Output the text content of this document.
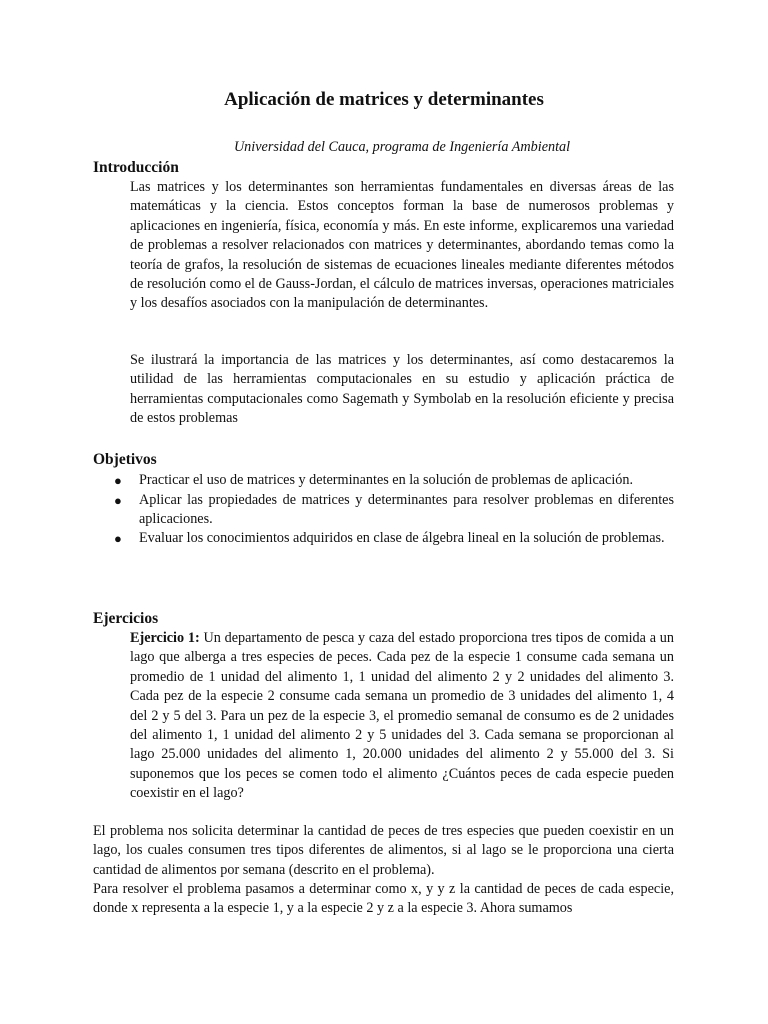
Aplicación de matrices y determinantes

Universidad del Cauca, programa de Ingeniería Ambiental

Introducción

Las matrices y los determinantes son herramientas fundamentales en diversas áreas de las matemáticas y la ciencia. Estos conceptos forman la base de numerosos problemas y aplicaciones en ingeniería, física, economía y más. En este informe, explicaremos una variedad de problemas a resolver relacionados con matrices y determinantes, abordando temas como la teoría de grafos, la resolución de sistemas de ecuaciones lineales mediante diferentes métodos de resolución como el de Gauss-Jordan, el cálculo de matrices inversas, operaciones matriciales y los desafíos asociados con la manipulación de determinantes.

Se ilustrará la importancia de las matrices y los determinantes, así como destacaremos la utilidad de las herramientas computacionales en su estudio y aplicación práctica de herramientas computacionales como Sagemath y Symbolab en la resolución eficiente y precisa de estos problemas

Objetivos
● Practicar el uso de matrices y determinantes en la solución de problemas de aplicación.
● Aplicar las propiedades de matrices y determinantes para resolver problemas en diferentes aplicaciones.
● Evaluar los conocimientos adquiridos en clase de álgebra lineal en la solución de problemas.
Ejercicios

Ejercicio 1: Un departamento de pesca y caza del estado proporciona tres tipos de comida a un lago que alberga a tres especies de peces. Cada pez de la especie 1 consume cada semana un promedio de 1 unidad del alimento 1, 1 unidad del alimento 2 y 2 unidades del alimento 3. Cada pez de la especie 2 consume cada semana un promedio de 3 unidades del alimento 1, 4 del 2 y 5 del 3. Para un pez de la especie 3, el promedio semanal de consumo es de 2 unidades del alimento 1, 1 unidad del alimento 2 y 5 unidades del 3. Cada semana se proporcionan al lago 25.000 unidades del alimento 1, 20.000 unidades del alimento 2 y 55.000 del 3. Si suponemos que los peces se comen todo el alimento ¿Cuántos peces de cada especie pueden coexistir en el lago?

El problema nos solicita determinar la cantidad de peces de tres especies que pueden coexistir en un lago, los cuales consumen tres tipos diferentes de alimentos, si al lago se le proporciona una cierta cantidad de alimentos por semana (descrito en el problema).

Para resolver el problema pasamos a determinar como x, y y z la cantidad de peces de cada especie, donde x representa a la especie 1, y a la especie 2 y z a la especie 3. Ahora sumamos
